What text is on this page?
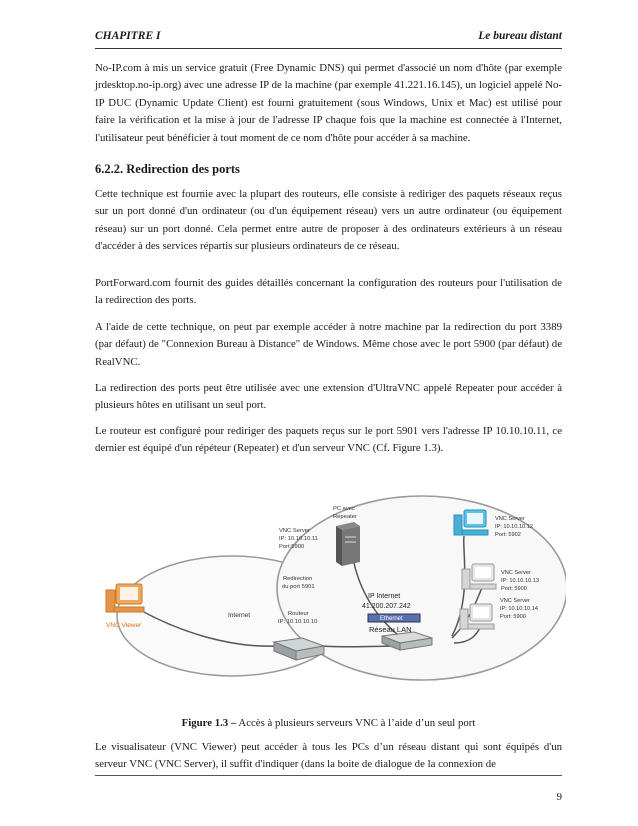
CHAPITRE I	Le bureau distant
No-IP.com à mis un service gratuit (Free Dynamic DNS) qui permet d'associé un nom d'hôte (par exemple jrdesktop.no-ip.org) avec une adresse IP de la machine (par exemple 41.221.16.145), un logiciel appelé No-IP DUC (Dynamic Update Client) est fourni gratuitement (sous Windows, Unix et Mac) est utilisé pour faire la vérification et la mise à jour de l'adresse IP chaque fois que la machine est connectée à l'Internet, l'utilisateur peut bénéficier à tout moment de ce nom d'hôte pour accéder à sa machine.
6.2.2. Redirection des ports
Cette technique est fournie avec la plupart des routeurs, elle consiste à rediriger des paquets réseaux reçus sur un port donné d'un ordinateur (ou d'un équipement réseau) vers un autre ordinateur (ou équipement réseau) sur un port donné. Cela permet entre autre de proposer à des ordinateurs extérieurs à un réseau d'accéder à des services répartis sur plusieurs ordinateurs de ce réseau.
PortForward.com fournit des guides détaillés concernant la configuration des routeurs pour l'utilisation de la redirection des ports.
A l'aide de cette technique, on peut par exemple accéder à notre machine par la redirection du port 3389 (par défaut) de "Connexion Bureau à Distance" de Windows. Même chose avec le port 5900 (par défaut) de RealVNC.
La redirection des ports peut être utilisée avec une extension d'UltraVNC appelé Repeater pour accéder à plusieurs hôtes en utilisant un seul port.
Le routeur est configuré pour rediriger des paquets reçus sur le port 5901 vers l'adresse IP 10.10.10.11, ce dernier est équipé d'un répéteur (Repeater) et d'un serveur VNC (Cf. Figure 1.3).
VNC Viewer
Routeur
IP: 10.10.10.10
Internet
Redirection
du port 5901
PC avec
Repeater
VNC Server
IP: 10.10.10.11
Port:5900
IP Internet
41.200.207.242
Ethernet
Réseau LAN
VNC Server
IP: 10.10.10.12
Port: 5902
VNC Server
IP: 10.10.10.13
Port: 5900
VNC Server
IP: 10.10.10.14
Port: 5900
Figure 1.3 – Accès à plusieurs serveurs VNC à l’aide d’un seul port
Le visualisateur (VNC Viewer) peut accéder à tous les PCs d’un réseau distant qui sont équipés d'un serveur VNC (VNC Server), il suffit d'indiquer (dans la boite de dialogue de la connexion de
9
